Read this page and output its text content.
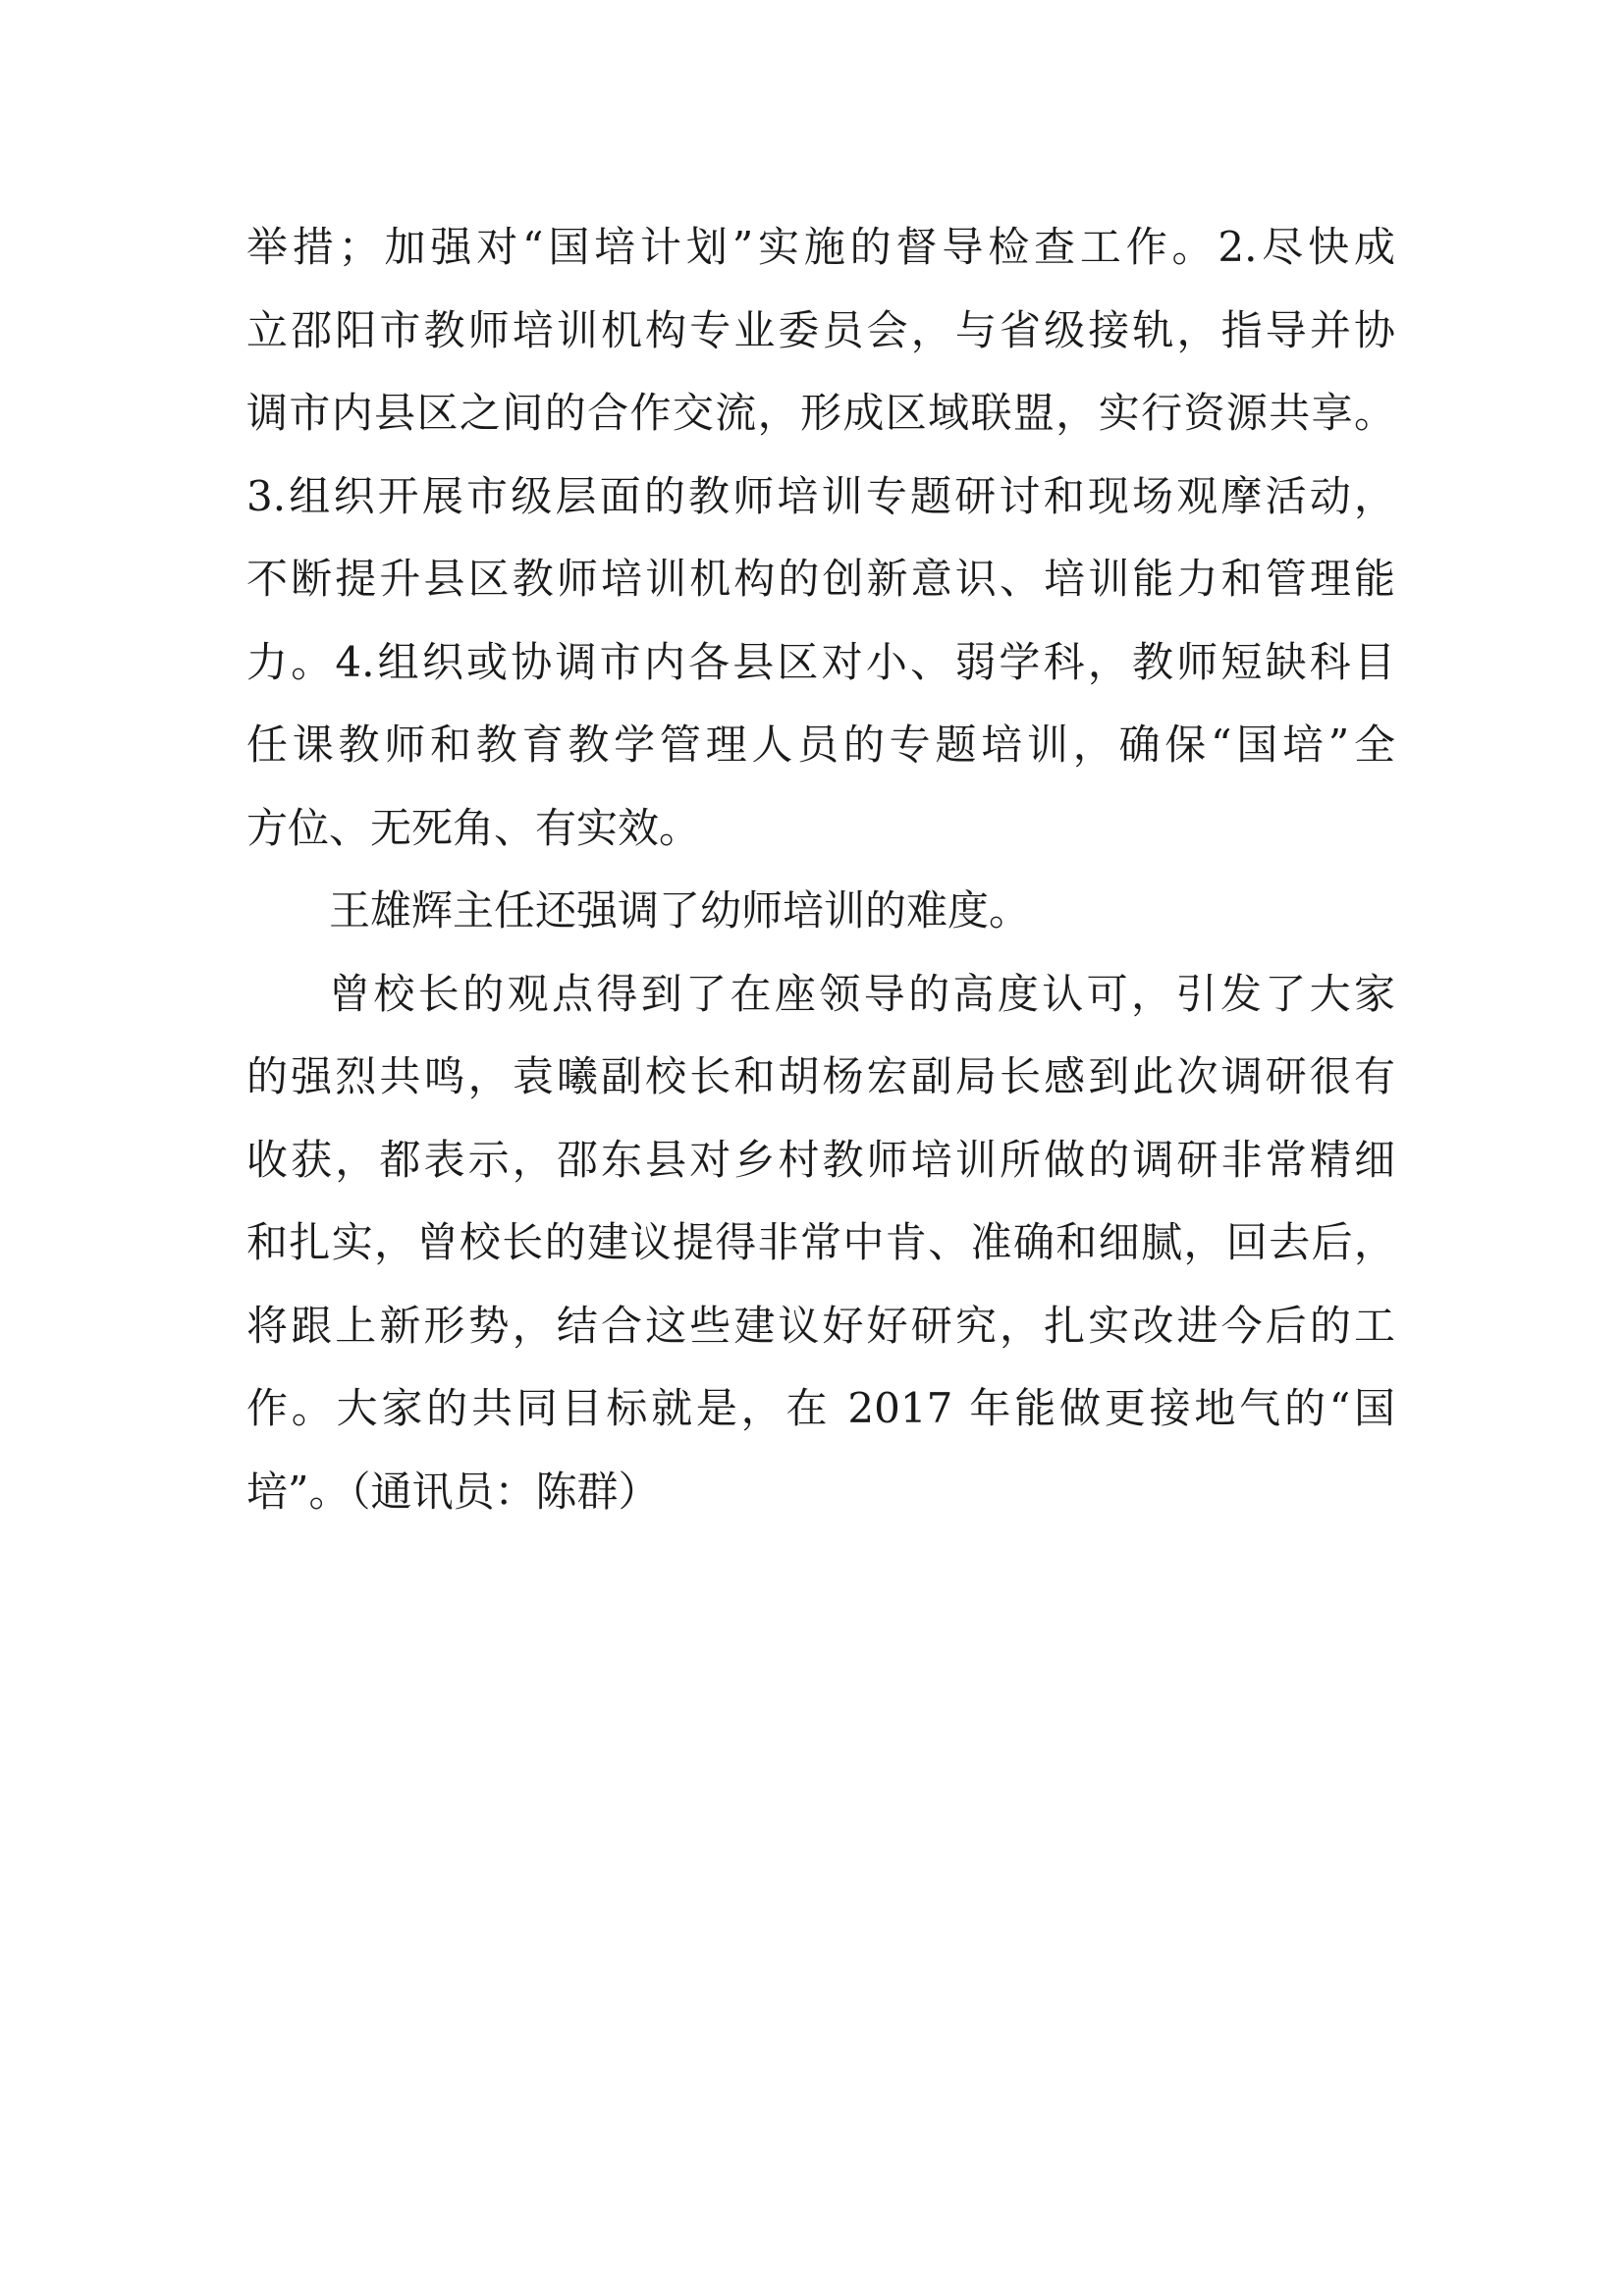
举措；加强对“国培计划”实施的督导检查工作。2.尽快成
立邵阳市教师培训机构专业委员会，与省级接轨，指导并协
调市内县区之间的合作交流，形成区域联盟，实行资源共享。
3.组织开展市级层面的教师培训专题研讨和现场观摩活动，
不断提升县区教师培训机构的创新意识、培训能力和管理能
力。4.组织或协调市内各县区对小、弱学科，教师短缺科目
任课教师和教育教学管理人员的专题培训，确保“国培”全
方位、无死角、有实效。
王雄辉主任还强调了幼师培训的难度。
曾校长的观点得到了在座领导的高度认可，引发了大家
的强烈共鸣，袁曦副校长和胡杨宏副局长感到此次调研很有
收获，都表示，邵东县对乡村教师培训所做的调研非常精细
和扎实，曾校长的建议提得非常中肯、准确和细腻，回去后，
将跟上新形势，结合这些建议好好研究，扎实改进今后的工
作。大家的共同目标就是，在 2017 年能做更接地气的“国
培”。（通讯员：陈群）
